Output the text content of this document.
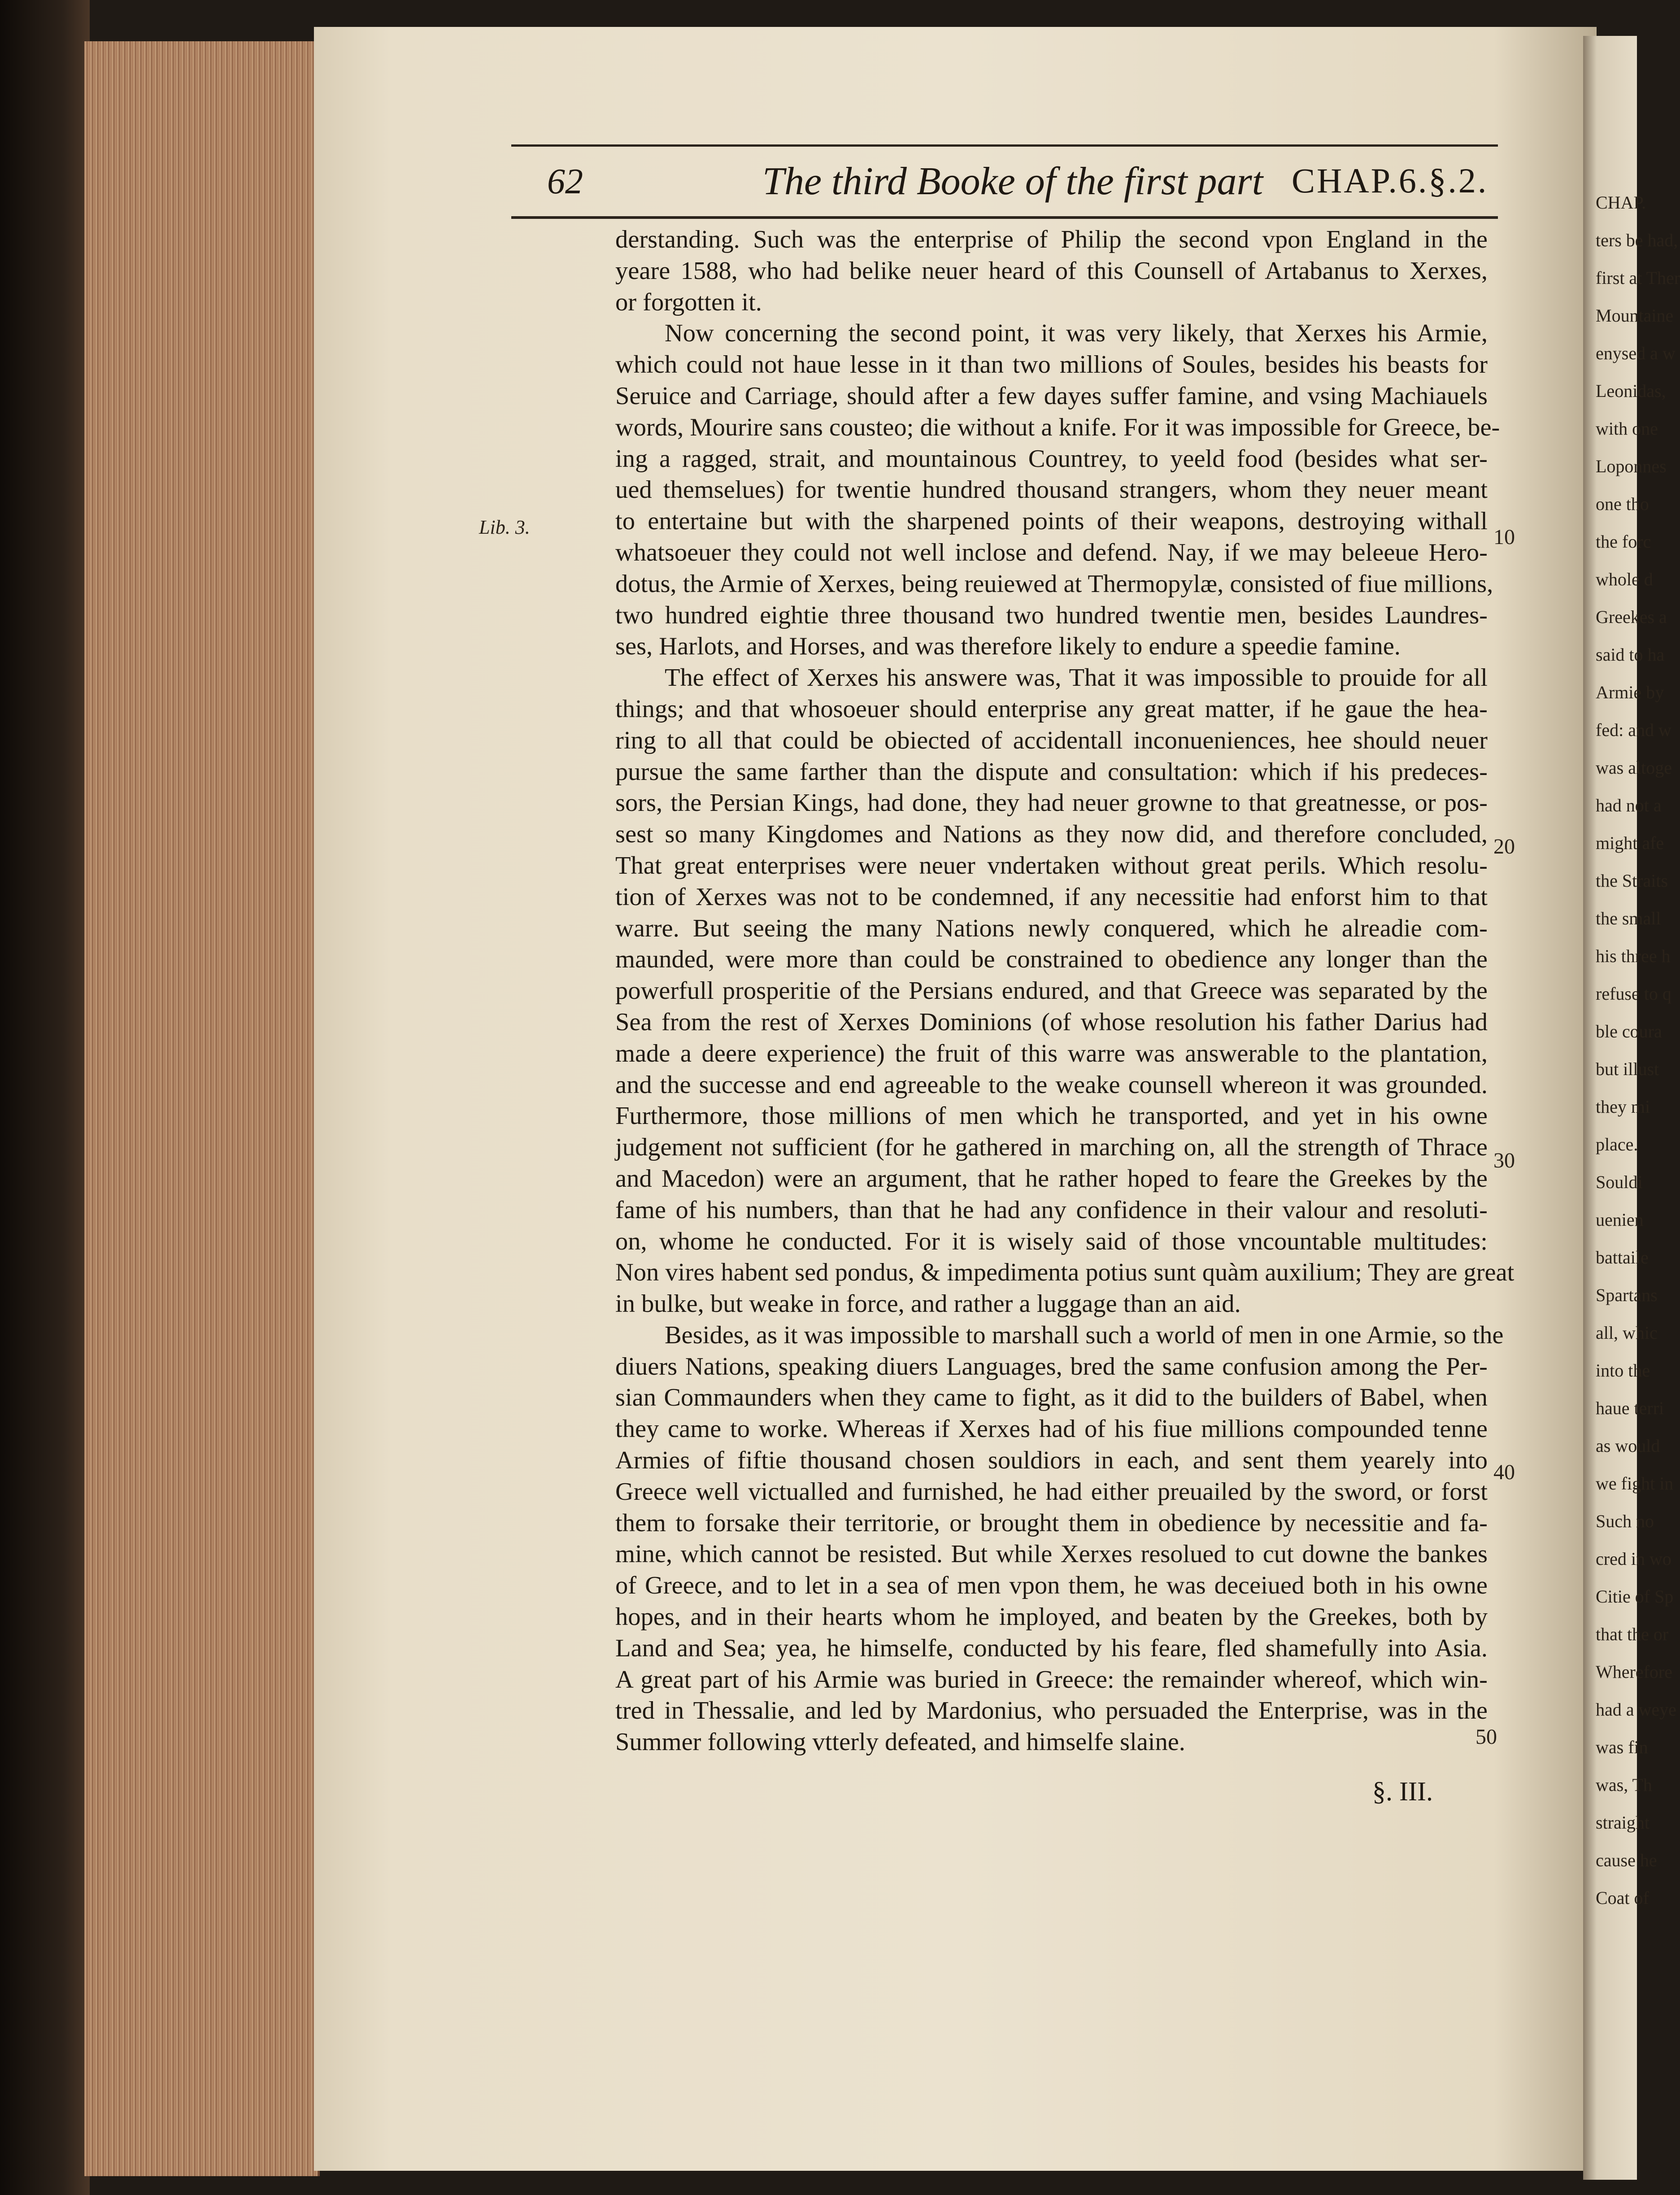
CHAP.
ters be had,
first at Ther
Mountaine
enysed a w
Leonidas,
with one
Loponnes
one tho
the forc
whole d
Greekes a
said to ha
Armie by
fed: and w
was altoge
had not a
might afe
the Straits
the small
his three h
refuse to q
ble coura
but illust
they mi
place.
Souldi
uenien
battaile
Spartans
all, whic
into the
haue terri
as would
we fight in
Such no
cred in wo
Citie of Sp
that the or
Wherefore
had a weye
was fin
was, Th
straight
cause he
Coat of
62	The third Booke of the first part CHAP.6.§.2.
Lib. 3.	10
20
30
40
50
derstanding. Such was the enterprise of Philip the second vpon England in the
yeare 1588, who had belike neuer heard of this Counsell of Artabanus to Xerxes,
or forgotten it.
Now concerning the second point, it was very likely, that Xerxes his Armie,
which could not haue lesse in it than two millions of Soules, besides his beasts for
Seruice and Carriage, should after a few dayes suffer famine, and vsing Machiauels
words, Mourire sans cousteo; die without a knife. For it was impossible for Greece, be-
ing a ragged, strait, and mountainous Countrey, to yeeld food (besides what ser-
ued themselues) for twentie hundred thousand strangers, whom they neuer meant
to entertaine but with the sharpened points of their weapons, destroying withall
whatsoeuer they could not well inclose and defend. Nay, if we may beleeue Hero-
dotus, the Armie of Xerxes, being reuiewed at Thermopylæ, consisted of fiue millions,
two hundred eightie three thousand two hundred twentie men, besides Laundres-
ses, Harlots, and Horses, and was therefore likely to endure a speedie famine.
The effect of Xerxes his answere was, That it was impossible to prouide for all
things; and that whosoeuer should enterprise any great matter, if he gaue the hea-
ring to all that could be obiected of accidentall inconueniences, hee should neuer
pursue the same farther than the dispute and consultation: which if his predeces-
sors, the Persian Kings, had done, they had neuer growne to that greatnesse, or pos-
sest so many Kingdomes and Nations as they now did, and therefore concluded,
That great enterprises were neuer vndertaken without great perils. Which resolu-
tion of Xerxes was not to be condemned, if any necessitie had enforst him to that
warre. But seeing the many Nations newly conquered, which he alreadie com-
maunded, were more than could be constrained to obedience any longer than the
powerfull prosperitie of the Persians endured, and that Greece was separated by the
Sea from the rest of Xerxes Dominions (of whose resolution his father Darius had
made a deere experience) the fruit of this warre was answerable to the plantation,
and the successe and end agreeable to the weake counsell whereon it was grounded.
Furthermore, those millions of men which he transported, and yet in his owne
judgement not sufficient (for he gathered in marching on, all the strength of Thrace
and Macedon) were an argument, that he rather hoped to feare the Greekes by the
fame of his numbers, than that he had any confidence in their valour and resoluti-
on, whome he conducted. For it is wisely said of those vncountable multitudes:
Non vires habent sed pondus, & impedimenta potius sunt quàm auxilium; They are great
in bulke, but weake in force, and rather a luggage than an aid.
Besides, as it was impossible to marshall such a world of men in one Armie, so the
diuers Nations, speaking diuers Languages, bred the same confusion among the Per-
sian Commaunders when they came to fight, as it did to the builders of Babel, when
they came to worke. Whereas if Xerxes had of his fiue millions compounded tenne
Armies of fiftie thousand chosen souldiors in each, and sent them yearely into
Greece well victualled and furnished, he had either preuailed by the sword, or forst
them to forsake their territorie, or brought them in obedience by necessitie and fa-
mine, which cannot be resisted. But while Xerxes resolued to cut downe the bankes
of Greece, and to let in a sea of men vpon them, he was deceiued both in his owne
hopes, and in their hearts whom he imployed, and beaten by the Greekes, both by
Land and Sea; yea, he himselfe, conducted by his feare, fled shamefully into Asia.
A great part of his Armie was buried in Greece: the remainder whereof, which win-
tred in Thessalie, and led by Mardonius, who persuaded the Enterprise, was in the
Summer following vtterly defeated, and himselfe slaine.
§. III.
